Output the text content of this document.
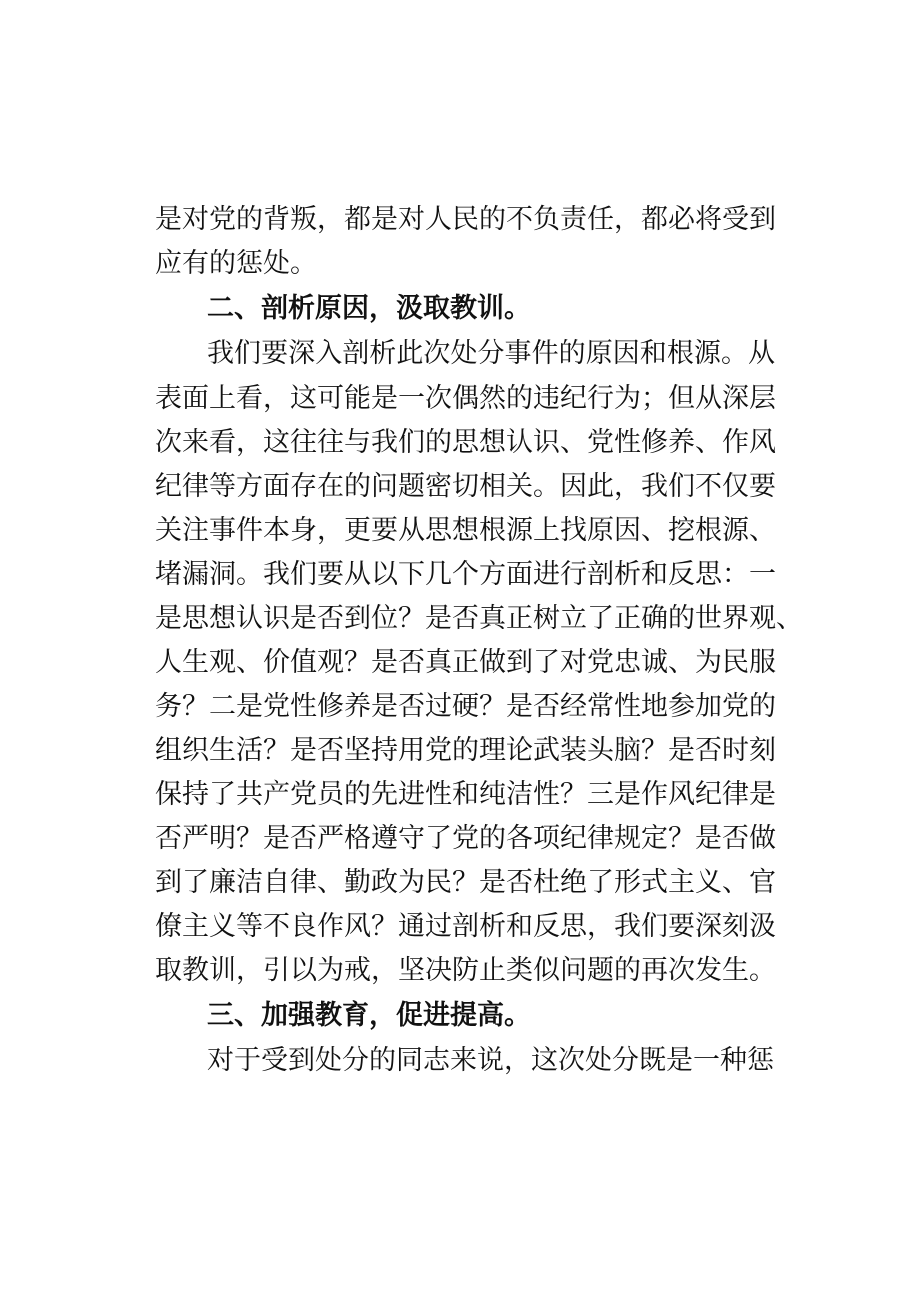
是对党的背叛，都是对人民的不负责任，都必将受到
应有的惩处。
二、剖析原因，汲取教训。
我们要深入剖析此次处分事件的原因和根源。从
表面上看，这可能是一次偶然的违纪行为；但从深层
次来看，这往往与我们的思想认识、党性修养、作风
纪律等方面存在的问题密切相关。因此，我们不仅要
关注事件本身，更要从思想根源上找原因、挖根源、
堵漏洞。我们要从以下几个方面进行剖析和反思：一
是思想认识是否到位？是否真正树立了正确的世界观、
人生观、价值观？是否真正做到了对党忠诚、为民服
务？二是党性修养是否过硬？是否经常性地参加党的
组织生活？是否坚持用党的理论武装头脑？是否时刻
保持了共产党员的先进性和纯洁性？三是作风纪律是
否严明？是否严格遵守了党的各项纪律规定？是否做
到了廉洁自律、勤政为民？是否杜绝了形式主义、官
僚主义等不良作风？通过剖析和反思，我们要深刻汲
取教训，引以为戒，坚决防止类似问题的再次发生。
三、加强教育，促进提高。
对于受到处分的同志来说，这次处分既是一种惩
